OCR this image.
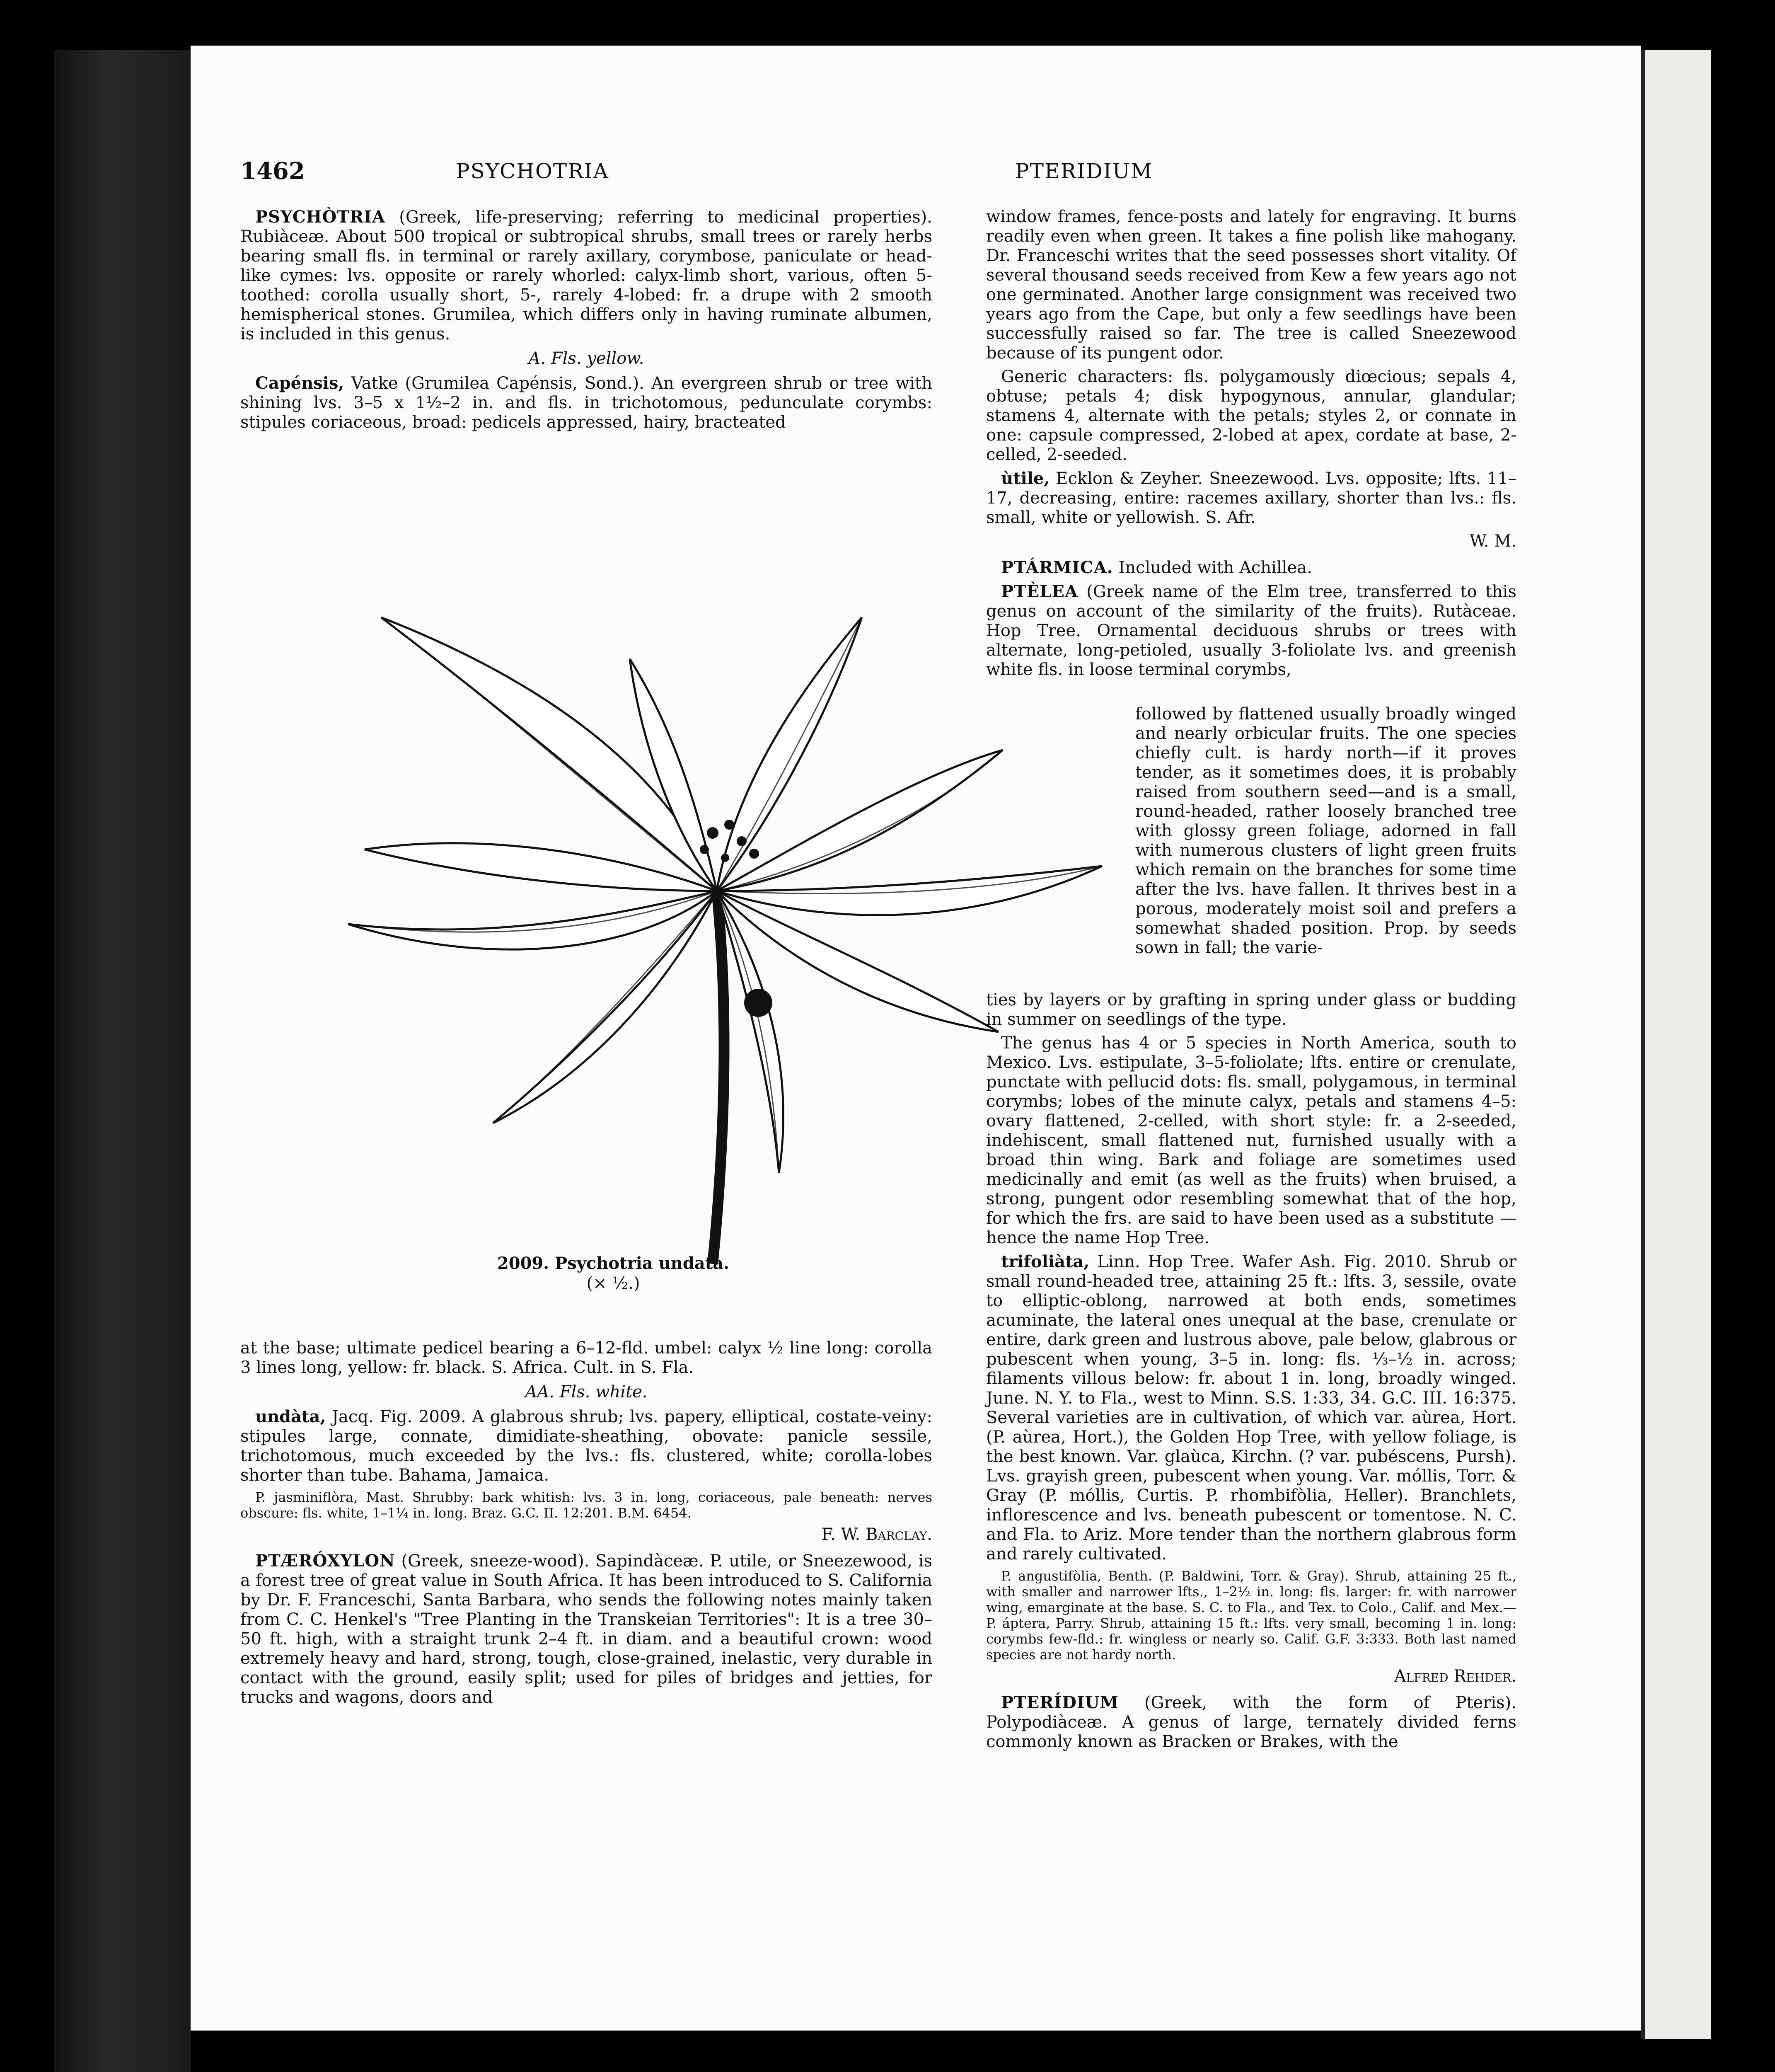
1462	PSYCHOTRIA	PTERIDIUM

PSYCHÒTRIA (Greek, life-preserving; referring to medicinal properties). Rubiàceæ. About 500 tropical or subtropical shrubs, small trees or rarely herbs bearing small fls. in terminal or rarely axillary, corymbose, paniculate or head-like cymes: lvs. opposite or rarely whorled: calyx-limb short, various, often 5-toothed: corolla usually short, 5-, rarely 4-lobed: fr. a drupe with 2 smooth hemispherical stones. Grumilea, which differs only in having ruminate albumen, is included in this genus.

A. Fls. yellow.

Capénsis, Vatke (Grumilea Capénsis, Sond.). An evergreen shrub or tree with shining lvs. 3–5 x 1½–2 in. and fls. in trichotomous, pedunculate corymbs: stipules coriaceous, broad: pedicels appressed, hairy, bracteated

2009. Psychotria undata.
(× ½.)

at the base; ultimate pedicel bearing a 6–12-fld. umbel: calyx ½ line long: corolla 3 lines long, yellow: fr. black. S. Africa. Cult. in S. Fla.

AA. Fls. white.

undàta, Jacq. Fig. 2009. A glabrous shrub; lvs. papery, elliptical, costate-veiny: stipules large, connate, dimidiate-sheathing, obovate: panicle sessile, trichotomous, much exceeded by the lvs.: fls. clustered, white; corolla-lobes shorter than tube. Bahama, Jamaica.

P. jasminiflòra, Mast. Shrubby: bark whitish: lvs. 3 in. long, coriaceous, pale beneath: nerves obscure: fls. white, 1–1¼ in. long. Braz. G.C. II. 12:201. B.M. 6454.

F. W. Barclay.

PTÆRÓXYLON (Greek, sneeze-wood). Sapindàceæ. P. utile, or Sneezewood, is a forest tree of great value in South Africa. It has been introduced to S. California by Dr. F. Franceschi, Santa Barbara, who sends the following notes mainly taken from C. C. Henkel's "Tree Planting in the Transkeian Territories": It is a tree 30–50 ft. high, with a straight trunk 2–4 ft. in diam. and a beautiful crown: wood extremely heavy and hard, strong, tough, close-grained, inelastic, very durable in contact with the ground, easily split; used for piles of bridges and jetties, for trucks and wagons, doors and

window frames, fence-posts and lately for engraving. It burns readily even when green. It takes a fine polish like mahogany. Dr. Franceschi writes that the seed possesses short vitality. Of several thousand seeds received from Kew a few years ago not one germinated. Another large consignment was received two years ago from the Cape, but only a few seedlings have been successfully raised so far. The tree is called Sneezewood because of its pungent odor.

Generic characters: fls. polygamously diœcious; sepals 4, obtuse; petals 4; disk hypogynous, annular, glandular; stamens 4, alternate with the petals; styles 2, or connate in one: capsule compressed, 2-lobed at apex, cordate at base, 2-celled, 2-seeded.

ùtile, Ecklon & Zeyher. Sneezewood. Lvs. opposite; lfts. 11–17, decreasing, entire: racemes axillary, shorter than lvs.: fls. small, white or yellowish. S. Afr.

W. M.

PTÁRMICA. Included with Achillea.

PTÈLEA (Greek name of the Elm tree, transferred to this genus on account of the similarity of the fruits). Rutàceae. Hop Tree. Ornamental deciduous shrubs or trees with alternate, long-petioled, usually 3-foliolate lvs. and greenish white fls. in loose terminal corymbs,

followed by flattened usually broadly winged and nearly orbicular fruits. The one species chiefly cult. is hardy north—if it proves tender, as it sometimes does, it is probably raised from southern seed—and is a small, round-headed, rather loosely branched tree with glossy green foliage, adorned in fall with numerous clusters of light green fruits which remain on the branches for some time after the lvs. have fallen. It thrives best in a porous, moderately moist soil and prefers a somewhat shaded position. Prop. by seeds sown in fall; the varie-

ties by layers or by grafting in spring under glass or budding in summer on seedlings of the type.

The genus has 4 or 5 species in North America, south to Mexico. Lvs. estipulate, 3–5-foliolate; lfts. entire or crenulate, punctate with pellucid dots: fls. small, polygamous, in terminal corymbs; lobes of the minute calyx, petals and stamens 4–5: ovary flattened, 2-celled, with short style: fr. a 2-seeded, indehiscent, small flattened nut, furnished usually with a broad thin wing. Bark and foliage are sometimes used medicinally and emit (as well as the fruits) when bruised, a strong, pungent odor resembling somewhat that of the hop, for which the frs. are said to have been used as a substitute —hence the name Hop Tree.

trifoliàta, Linn. Hop Tree. Wafer Ash. Fig. 2010. Shrub or small round-headed tree, attaining 25 ft.: lfts. 3, sessile, ovate to elliptic-oblong, narrowed at both ends, sometimes acuminate, the lateral ones unequal at the base, crenulate or entire, dark green and lustrous above, pale below, glabrous or pubescent when young, 3–5 in. long: fls. ⅓–½ in. across; filaments villous below: fr. about 1 in. long, broadly winged. June. N. Y. to Fla., west to Minn. S.S. 1:33, 34. G.C. III. 16:375. Several varieties are in cultivation, of which var. aùrea, Hort. (P. aùrea, Hort.), the Golden Hop Tree, with yellow foliage, is the best known. Var. glaùca, Kirchn. (? var. pubéscens, Pursh). Lvs. grayish green, pubescent when young. Var. móllis, Torr. & Gray (P. móllis, Curtis. P. rhombifòlia, Heller). Branchlets, inflorescence and lvs. beneath pubescent or tomentose. N. C. and Fla. to Ariz. More tender than the northern glabrous form and rarely cultivated.

P. angustifòlia, Benth. (P. Baldwini, Torr. & Gray). Shrub, attaining 25 ft., with smaller and narrower lfts., 1–2½ in. long: fls. larger: fr. with narrower wing, emarginate at the base. S. C. to Fla., and Tex. to Colo., Calif. and Mex.—P. áptera, Parry. Shrub, attaining 15 ft.: lfts. very small, becoming 1 in. long: corymbs few-fld.: fr. wingless or nearly so. Calif. G.F. 3:333. Both last named species are not hardy north.

Alfred Rehder.

PTERÍDIUM (Greek, with the form of Pteris). Polypodiàceæ. A genus of large, ternately divided ferns commonly known as Bracken or Brakes, with the
